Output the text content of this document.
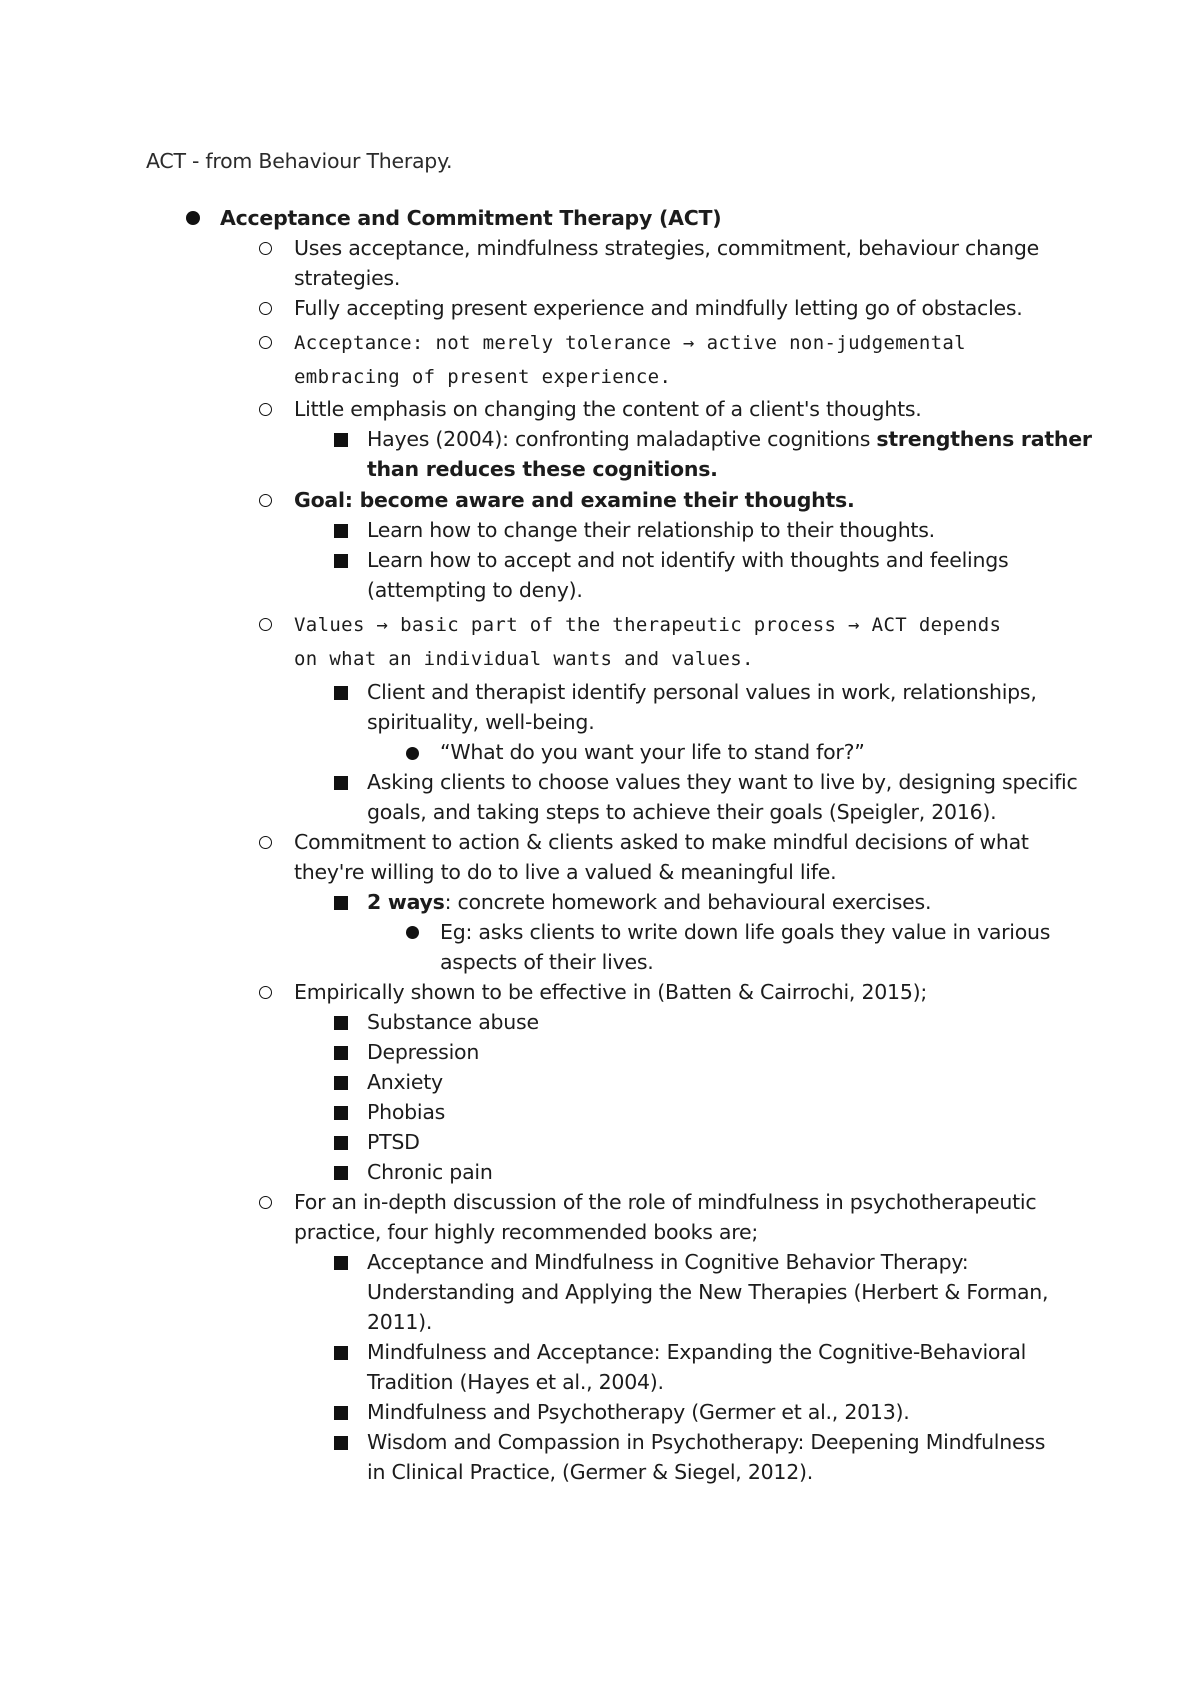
ACT - from Behaviour Therapy.
Acceptance and Commitment Therapy (ACT)
Uses acceptance, mindfulness strategies, commitment, behaviour change
strategies.
Fully accepting present experience and mindfully letting go of obstacles.
Acceptance: not merely tolerance → active non-judgemental
embracing of present experience.
Little emphasis on changing the content of a client's thoughts.
Hayes (2004): confronting maladaptive cognitions strengthens rather
than reduces these cognitions.
Goal: become aware and examine their thoughts.
Learn how to change their relationship to their thoughts.
Learn how to accept and not identify with thoughts and feelings
(attempting to deny).
Values → basic part of the therapeutic process → ACT depends
on what an individual wants and values.
Client and therapist identify personal values in work, relationships,
spirituality, well-being.
“What do you want your life to stand for?”
Asking clients to choose values they want to live by, designing specific
goals, and taking steps to achieve their goals (Speigler, 2016).
Commitment to action & clients asked to make mindful decisions of what
they're willing to do to live a valued & meaningful life.
2 ways: concrete homework and behavioural exercises.
Eg: asks clients to write down life goals they value in various
aspects of their lives.
Empirically shown to be effective in (Batten & Cairrochi, 2015);
Substance abuse
Depression
Anxiety
Phobias
PTSD
Chronic pain
For an in-depth discussion of the role of mindfulness in psychotherapeutic
practice, four highly recommended books are;
Acceptance and Mindfulness in Cognitive Behavior Therapy:
Understanding and Applying the New Therapies (Herbert & Forman,
2011).
Mindfulness and Acceptance: Expanding the Cognitive-Behavioral
Tradition (Hayes et al., 2004).
Mindfulness and Psychotherapy (Germer et al., 2013).
Wisdom and Compassion in Psychotherapy: Deepening Mindfulness
in Clinical Practice, (Germer & Siegel, 2012).
